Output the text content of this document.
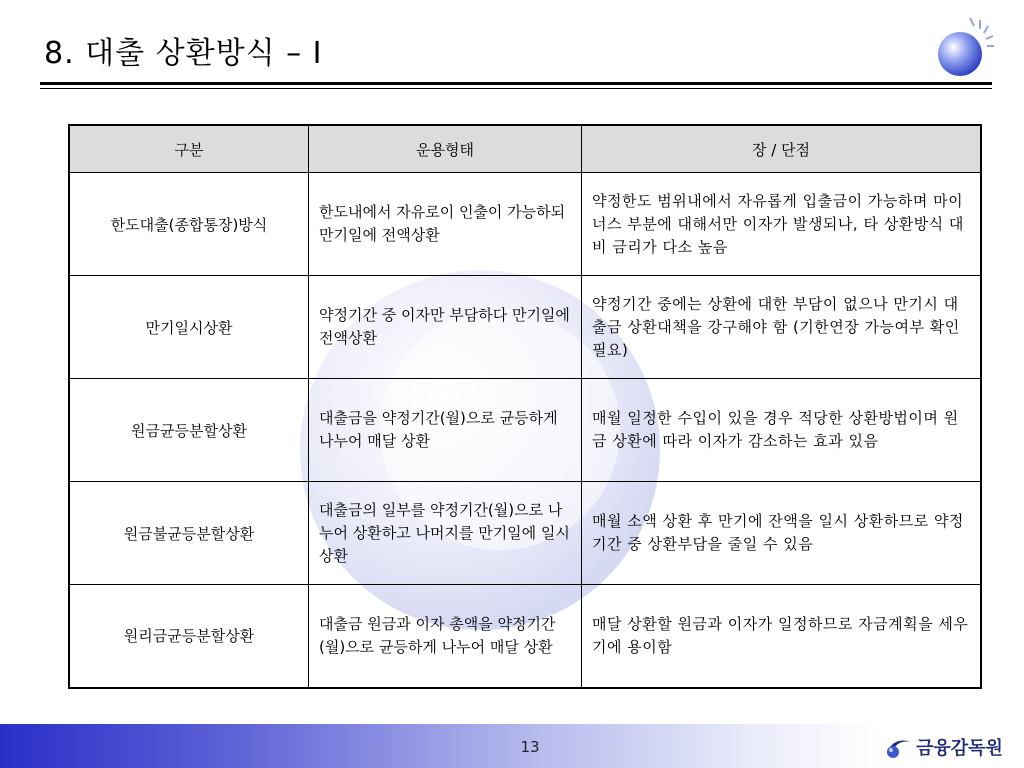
8. 대출 상환방식 – Ⅰ
구분	운용형태	장 / 단점
한도대출(종합통장)방식	한도내에서 자유로이 인출이 가능하되 만기일에 전액상환	약정한도 범위내에서 자유롭게 입출금이 가능하며 마이너스 부분에 대해서만 이자가 발생되나, 타 상환방식 대비 금리가 다소 높음
만기일시상환	약정기간 중 이자만 부담하다 만기일에 전액상환	약정기간 중에는 상환에 대한 부담이 없으나 만기시 대출금 상환대책을 강구해야 함 (기한연장 가능여부 확인 필요)
원금균등분할상환	대출금을 약정기간(월)으로 균등하게 나누어 매달 상환	매월 일정한 수입이 있을 경우 적당한 상환방법이며 원금 상환에 따라 이자가 감소하는 효과 있음
원금불균등분할상환	대출금의 일부를 약정기간(월)으로 나누어 상환하고 나머지를 만기일에 일시상환	매월 소액 상환 후 만기에 잔액을 일시 상환하므로 약정기간 중 상환부담을 줄일 수 있음
원리금균등분할상환	대출금 원금과 이자 총액을 약정기간(월)으로 균등하게 나누어 매달 상환	매달 상환할 원금과 이자가 일정하므로 자금계획을 세우기에 용이함
13	금융감독원
